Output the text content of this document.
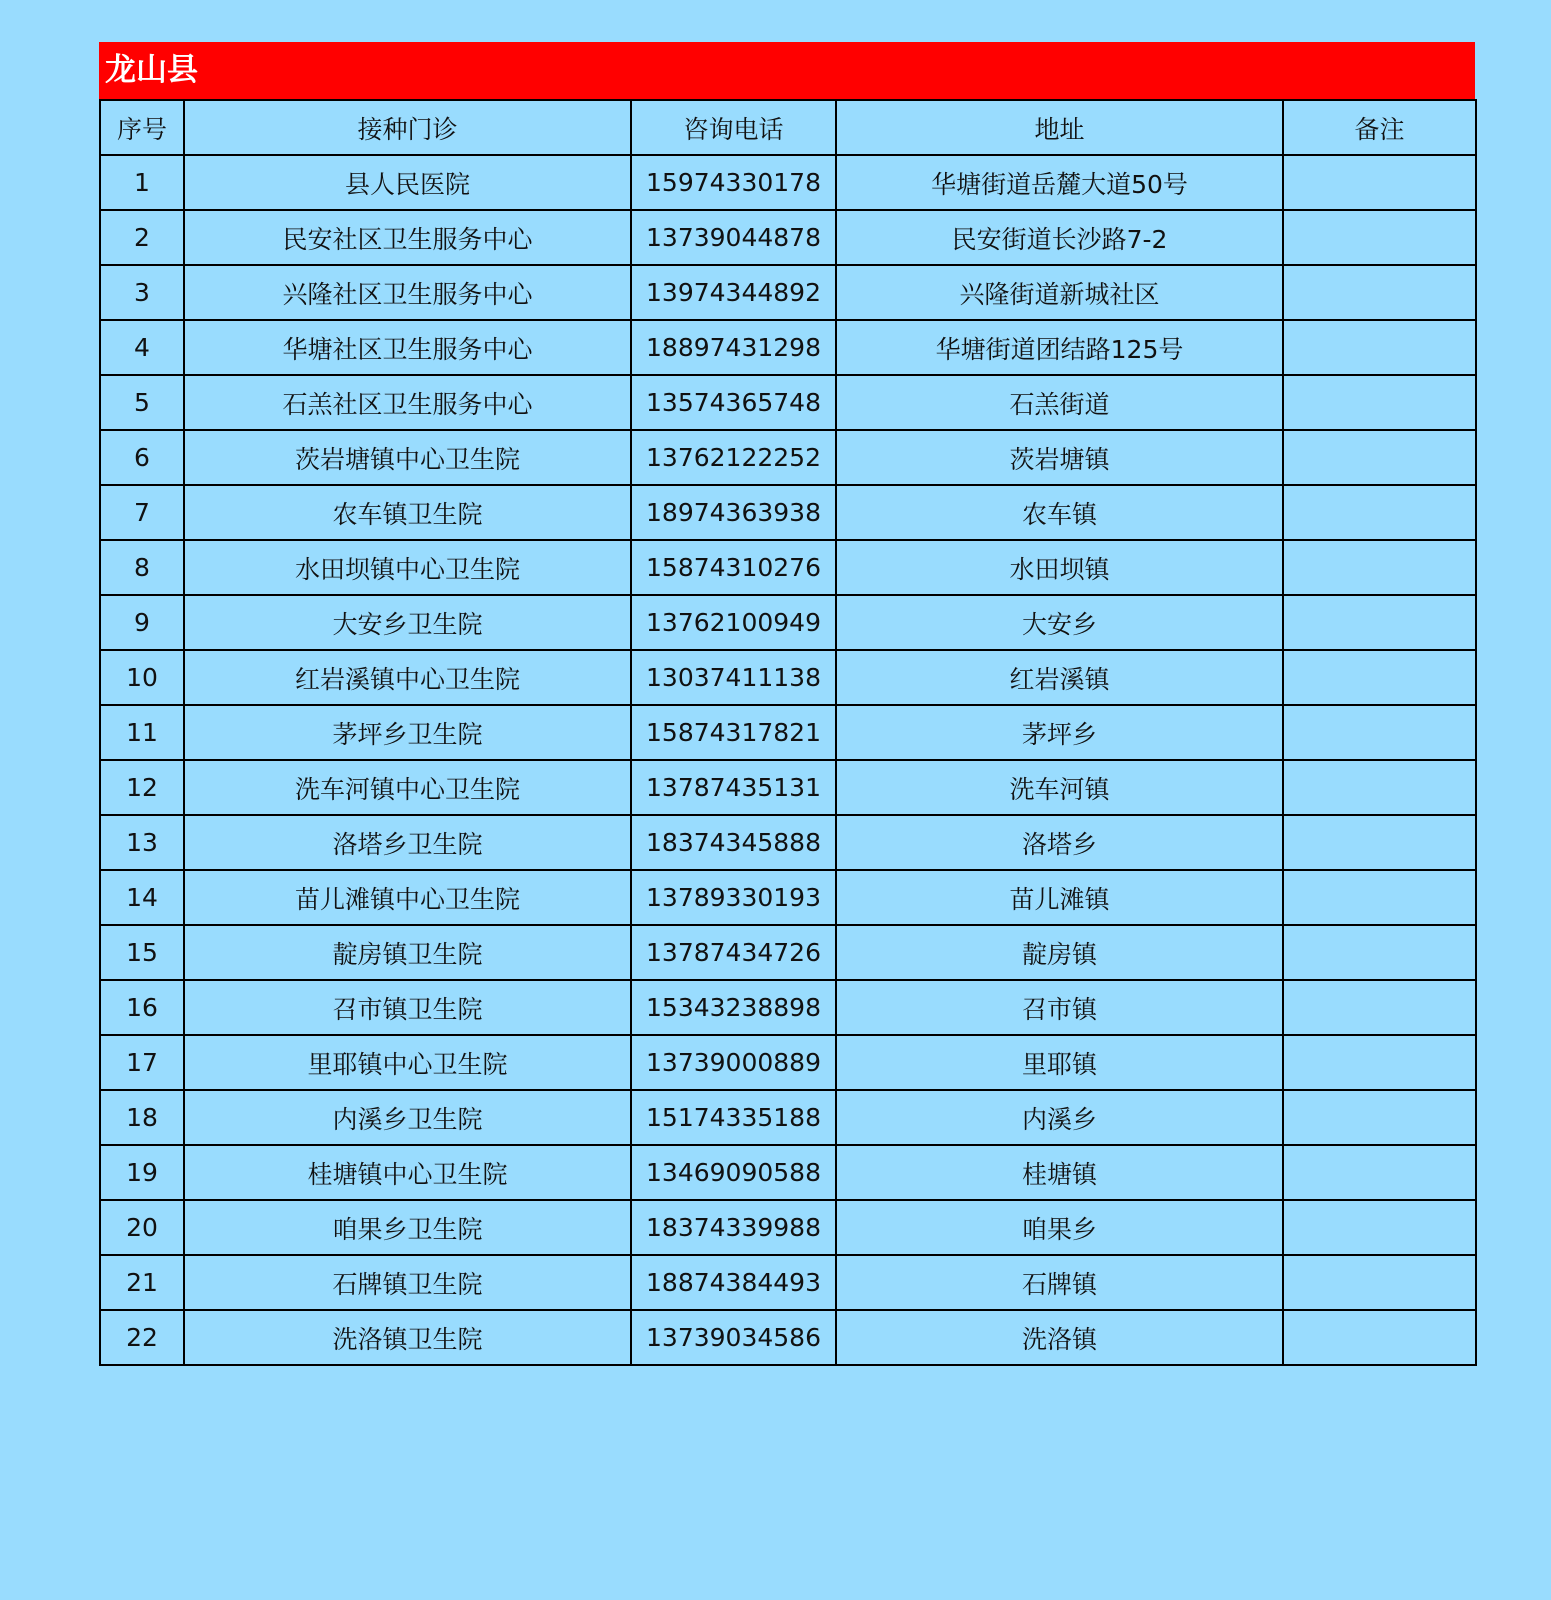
龙山县
序号	接种门诊	咨询电话	地址	备注
1	县人民医院	15974330178	华塘街道岳麓大道50号	
2	民安社区卫生服务中心	13739044878	民安街道长沙路7-2	
3	兴隆社区卫生服务中心	13974344892	兴隆街道新城社区	
4	华塘社区卫生服务中心	18897431298	华塘街道团结路125号	
5	石羔社区卫生服务中心	13574365748	石羔街道	
6	茨岩塘镇中心卫生院	13762122252	茨岩塘镇	
7	农车镇卫生院	18974363938	农车镇	
8	水田坝镇中心卫生院	15874310276	水田坝镇	
9	大安乡卫生院	13762100949	大安乡	
10	红岩溪镇中心卫生院	13037411138	红岩溪镇	
11	茅坪乡卫生院	15874317821	茅坪乡	
12	洗车河镇中心卫生院	13787435131	洗车河镇	
13	洛塔乡卫生院	18374345888	洛塔乡	
14	苗儿滩镇中心卫生院	13789330193	苗儿滩镇	
15	靛房镇卫生院	13787434726	靛房镇	
16	召市镇卫生院	15343238898	召市镇	
17	里耶镇中心卫生院	13739000889	里耶镇	
18	内溪乡卫生院	15174335188	内溪乡	
19	桂塘镇中心卫生院	13469090588	桂塘镇	
20	咱果乡卫生院	18374339988	咱果乡	
21	石牌镇卫生院	18874384493	石牌镇	
22	洗洛镇卫生院	13739034586	洗洛镇	
